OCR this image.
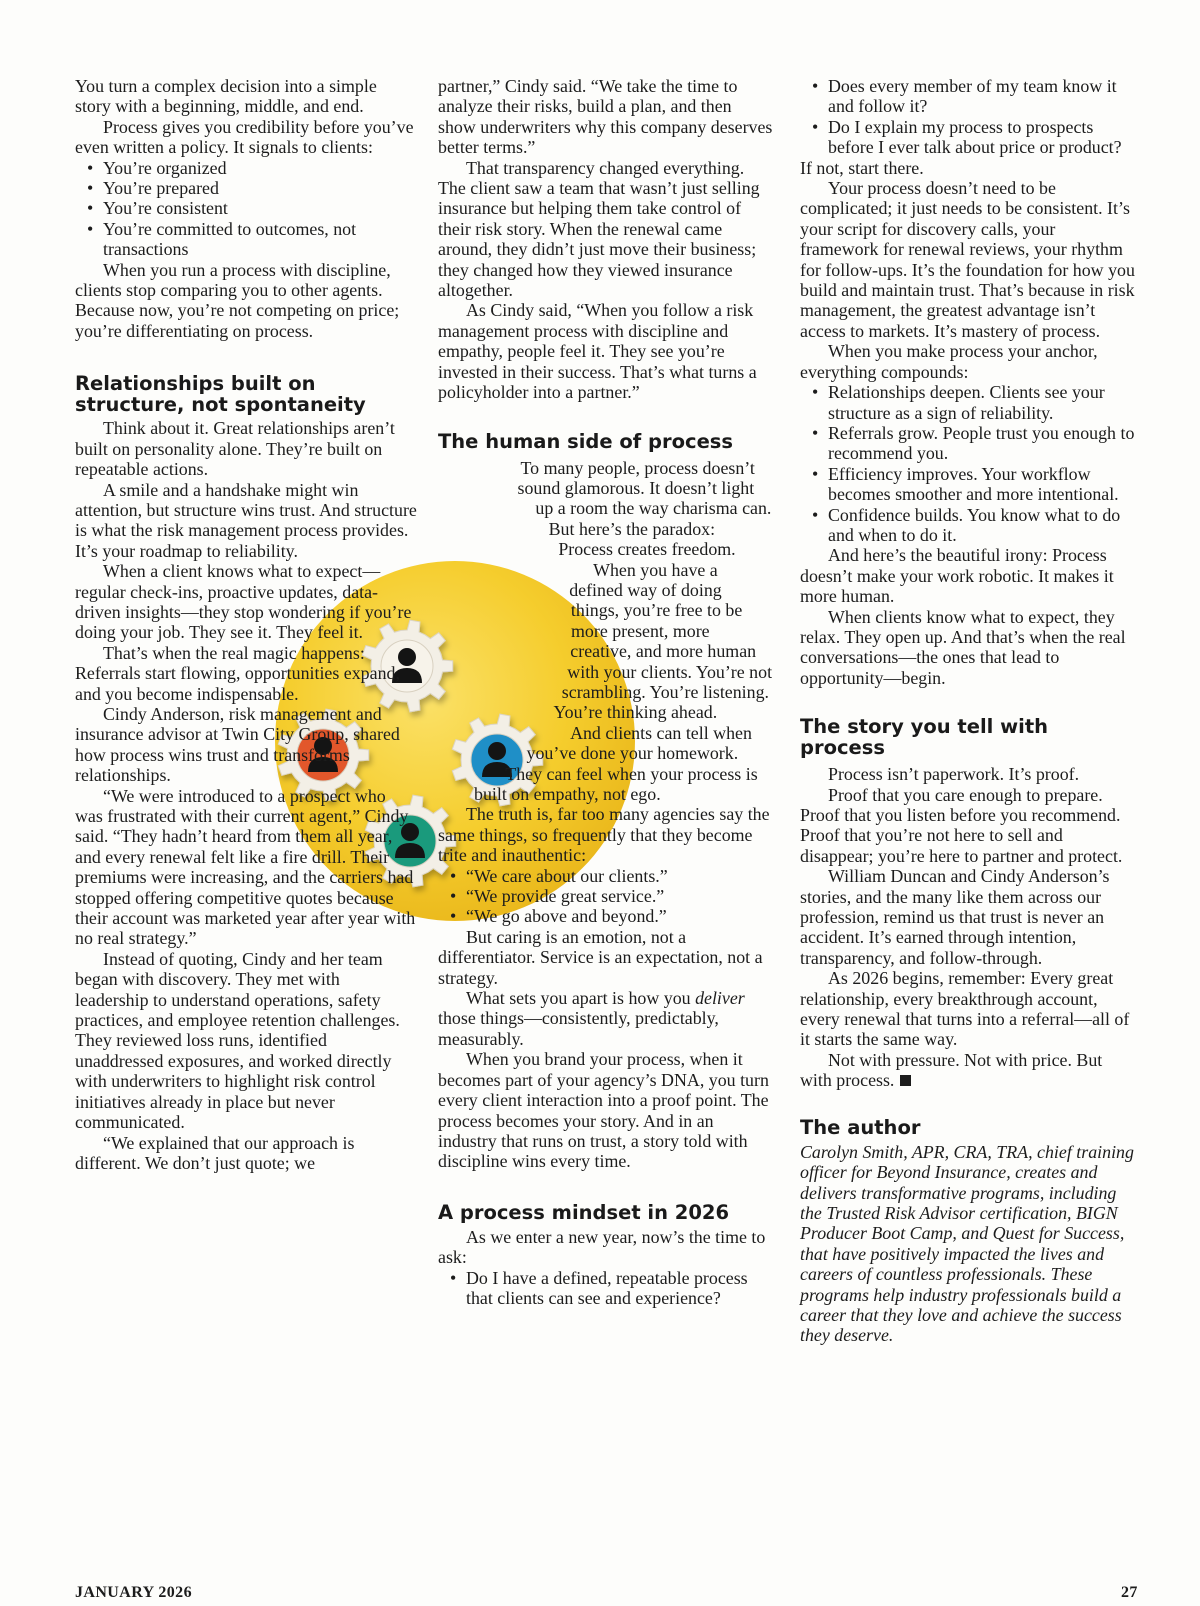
You turn a complex decision into a simple story with a beginning, middle, and end.

Process gives you credibility before you’ve even written a policy. It signals to clients:

• You’re organized
• You’re prepared
• You’re consistent
• You’re committed to outcomes, not transactions

When you run a process with discipline, clients stop comparing you to other agents. Because now, you’re not competing on price; you’re differentiating on process.

Relationships built on structure, not spontaneity

Think about it. Great relationships aren’t built on personality alone. They’re built on repeatable actions.

A smile and a handshake might win attention, but structure wins trust. And structure is what the risk management process provides. It’s your roadmap to reliability.

When a client knows what to expect—regular check-ins, proactive updates, data-driven insights—they stop wondering if you’re doing your job. They see it. They feel it.

That’s when the real magic happens: Referrals start flowing, opportunities expand, and you become indispensable.

Cindy Anderson, risk management and insurance advisor at Twin City Group, shared how process wins trust and transforms relationships.

“We were introduced to a prospect who was frustrated with their current agent,” Cindy said. “They hadn’t heard from them all year, and every renewal felt like a fire drill. Their premiums were increasing, and the carriers had stopped offering competitive quotes because their account was marketed year after year with no real strategy.”

Instead of quoting, Cindy and her team began with discovery. They met with leadership to understand operations, safety practices, and employee retention challenges. They reviewed loss runs, identified unaddressed exposures, and worked directly with underwriters to highlight risk control initiatives already in place but never communicated.

“We explained that our approach is different. We don’t just quote; we

partner,” Cindy said. “We take the time to analyze their risks, build a plan, and then show underwriters why this company deserves better terms.”

That transparency changed everything. The client saw a team that wasn’t just selling insurance but helping them take control of their risk story. When the renewal came around, they didn’t just move their business; they changed how they viewed insurance altogether.

As Cindy said, “When you follow a risk management process with discipline and empathy, people feel it. They see you’re invested in their success. That’s what turns a policyholder into a partner.”

The human side of process

To many people, process doesn’t sound glamorous. It doesn’t light up a room the way charisma can. But here’s the paradox: Process creates freedom.

When you have a defined way of doing things, you’re free to be more present, more creative, and more human with your clients. You’re not scrambling. You’re listening. You’re thinking ahead.

And clients can tell when you’ve done your homework. They can feel when your process is built on empathy, not ego.

The truth is, far too many agencies say the same things, so frequently that they become trite and inauthentic:

• “We care about our clients.”
• “We provide great service.”
• “We go above and beyond.”

But caring is an emotion, not a differentiator. Service is an expectation, not a strategy.

What sets you apart is how you deliver those things—consistently, predictably, measurably.

When you brand your process, when it becomes part of your agency’s DNA, you turn every client interaction into a proof point. The process becomes your story. And in an industry that runs on trust, a story told with discipline wins every time.

A process mindset in 2026

As we enter a new year, now’s the time to ask:

• Do I have a defined, repeatable process that clients can see and experience?
• Does every member of my team know it and follow it?
• Do I explain my process to prospects before I ever talk about price or product?

If not, start there.

Your process doesn’t need to be complicated; it just needs to be consistent. It’s your script for discovery calls, your framework for renewal reviews, your rhythm for follow-ups. It’s the foundation for how you build and maintain trust. That’s because in risk management, the greatest advantage isn’t access to markets. It’s mastery of process.

When you make process your anchor, everything compounds:

• Relationships deepen. Clients see your structure as a sign of reliability.
• Referrals grow. People trust you enough to recommend you.
• Efficiency improves. Your workflow becomes smoother and more intentional.
• Confidence builds. You know what to do and when to do it.

And here’s the beautiful irony: Process doesn’t make your work robotic. It makes it more human.

When clients know what to expect, they relax. They open up. And that’s when the real conversations—the ones that lead to opportunity—begin.

The story you tell with process

Process isn’t paperwork. It’s proof.

Proof that you care enough to prepare. Proof that you listen before you recommend. Proof that you’re not here to sell and disappear; you’re here to partner and protect.

William Duncan and Cindy Anderson’s stories, and the many like them across our profession, remind us that trust is never an accident. It’s earned through intention, transparency, and follow-through.

As 2026 begins, remember: Every great relationship, every breakthrough account, every renewal that turns into a referral—all of it starts the same way.

Not with pressure. Not with price. But with process.

The author

Carolyn Smith, APR, CRA, TRA, chief training officer for Beyond Insurance, creates and delivers transformative programs, including the Trusted Risk Advisor certification, BIGN Producer Boot Camp, and Quest for Success, that have positively impacted the lives and careers of countless professionals. These programs help industry professionals build a career that they love and achieve the success they deserve.

JANUARY 2026	27
